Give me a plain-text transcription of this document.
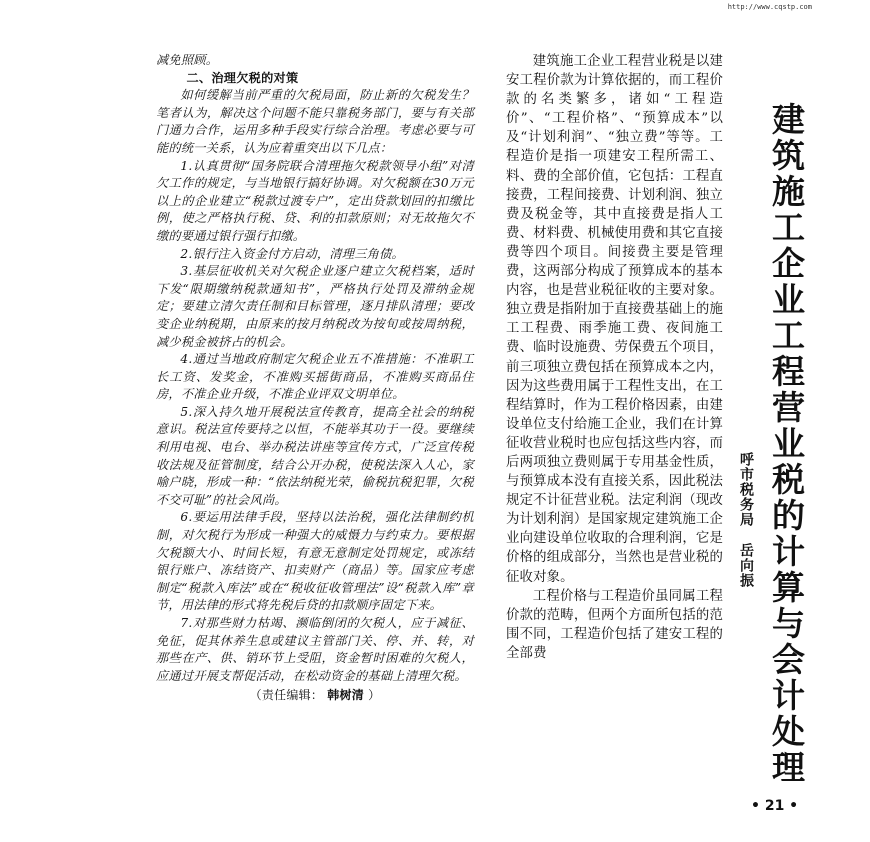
http://www.cqstp.com

减免照顾。

二、治理欠税的对策

如何缓解当前严重的欠税局面，防止新的欠税发生？笔者认为，解决这个问题不能只靠税务部门，要与有关部门通力合作，运用多种手段实行综合治理。考虑必要与可能的统一关系，认为应着重突出以下几点：

1.认真贯彻“国务院联合清理拖欠税款领导小组”对清欠工作的规定，与当地银行搞好协调。对欠税额在30万元以上的企业建立“税款过渡专户”，定出贷款划回的扣缴比例，使之严格执行税、贷、利的扣款原则；对无故拖欠不缴的要通过银行强行扣缴。

2.银行注入资金付方启动，清理三角债。

3.基层征收机关对欠税企业逐户建立欠税档案，适时下发“限期缴纳税款通知书”，严格执行处罚及滞纳金规定；要建立清欠责任制和目标管理，逐月排队清理；要改变企业纳税期，由原来的按月纳税改为按旬或按周纳税，减少税金被挤占的机会。

4.通过当地政府制定欠税企业五不准措施：不准职工长工资、发奖金，不准购买摇街商品，不准购买商品住房，不准企业升级，不准企业评双文明单位。

5.深入持久地开展税法宣传教育，提高全社会的纳税意识。税法宣传要持之以恒，不能举其功于一役。要继续利用电视、电台、举办税法讲座等宣传方式，广泛宣传税收法规及征管制度，结合公开办税，使税法深入人心，家喻户晓，形成一种：“依法纳税光荣，偷税抗税犯罪，欠税不交可耻”的社会风尚。

6.要运用法律手段，坚持以法治税，强化法律制约机制，对欠税行为形成一种强大的威慑力与约束力。要根据欠税额大小、时间长短，有意无意制定处罚规定，或冻结银行账户、冻结资产、扣卖财产（商品）等。国家应考虑制定“税款入库法”或在“税收征收管理法”设“税款入库”章节，用法律的形式将先税后贷的扣款顺序固定下来。

7.对那些财力枯竭、濒临倒闭的欠税人，应于减征、免征，促其休养生息或建议主管部门关、停、并、转，对那些在产、供、销环节上受阻，资金暂时困难的欠税人，应通过开展支帮促活动，在松动资金的基础上清理欠税。

（责任编辑： 韩树清 ）

建筑施工企业工程营业税是以建安工程价款为计算依据的，而工程价款的名类繁多，诸如“工程造价”、“工程价格”、“预算成本”以及“计划利润”、“独立费”等等。工程造价是指一项建安工程所需工、料、费的全部价值，它包括：工程直接费，工程间接费、计划利润、独立费及税金等，其中直接费是指人工费、材料费、机械使用费和其它直接费等四个项目。间接费主要是管理费，这两部分构成了预算成本的基本内容，也是营业税征收的主要对象。独立费是指附加于直接费基础上的施工工程费、雨季施工费、夜间施工费、临时设施费、劳保费五个项目，前三项独立费包括在预算成本之内，因为这些费用属于工程性支出，在工程结算时，作为工程价格因素，由建设单位支付给施工企业，我们在计算征收营业税时也应包括这些内容，而后两项独立费则属于专用基金性质，与预算成本没有直接关系，因此税法规定不计征营业税。法定利润（现改为计划利润）是国家规定建筑施工企业向建设单位收取的合理利润，它是价格的组成部分，当然也是营业税的征收对象。

工程价格与工程造价虽同属工程价款的范畴，但两个方面所包括的范围不同，工程造价包括了建安工程的全部费	建筑施工企业工程营业税的计算与会计处理
呼市税务局 岳向振
• 21 •
